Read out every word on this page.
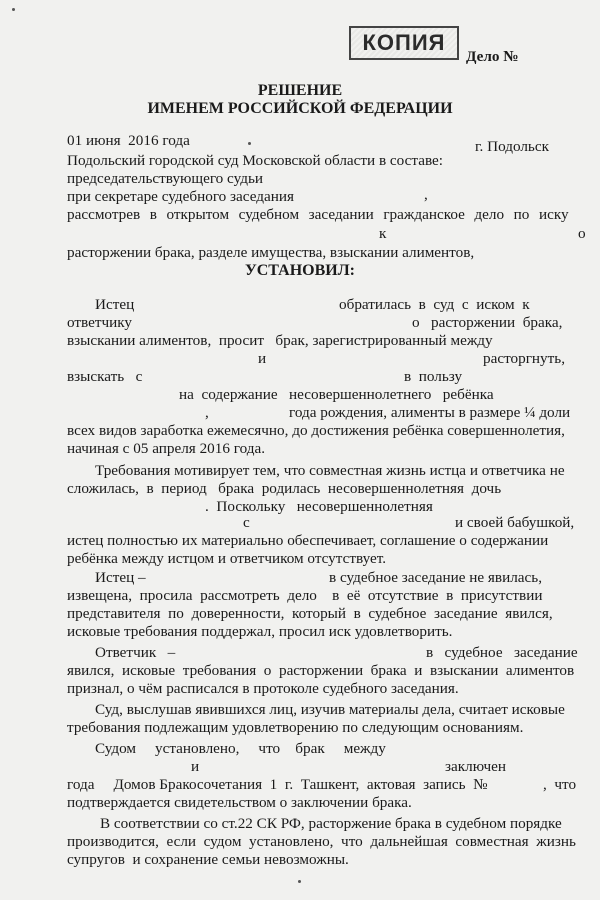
КОПИЯ
Дело №
РЕШЕНИЕ
ИМЕНЕМ РОССИЙСКОЙ ФЕДЕРАЦИИ
01 июня  2016 года	г. Подольск
Подольский городской суд Московской области в составе:
председательствующего судьи
при секретаре судебного заседания	,
рассмотрев  в  открытом  судебном  заседании  гражданское  дело  по  иску
к	о
расторжении брака, разделе имущества, взыскании алиментов,
УСТАНОВИЛ:
Истец	обратилась  в  суд  с  иском  к
ответчику	о   расторжении  брака,
взыскании алиментов,  просит   брак, зарегистрированный между
и	расторгнуть,
взыскать   с	в  пользу
на  содержание   несовершеннолетнего   ребёнка
,	года рождения, алименты в размере ¼ доли
всех видов заработка ежемесячно, до достижения ребёнка совершеннолетия,
начиная с 05 апреля 2016 года.
Требования мотивирует тем, что совместная жизнь истца и ответчика не
сложилась,  в  период   брака  родилась  несовершеннолетняя  дочь
.  Поскольку   несовершеннолетняя
с	и своей бабушкой,
истец полностью их материально обеспечивает, соглашение о содержании
ребёнка между истцом и ответчиком отсутствует.
Истец –	в судебное заседание не явилась,
извещена,  просила  рассмотреть  дело    в  её  отсутствие  в  присутствии
представителя  по  доверенности,  который  в  судебное  заседание  явился,
исковые требования поддержал, просил иск удовлетворить.
Ответчик   –	в   судебное   заседание
явился,  исковые  требования  о  расторжении  брака  и  взыскании  алиментов
признал, о чём расписался в протоколе судебного заседания.
Суд, выслушав явившихся лиц, изучив материалы дела, считает исковые
требования подлежащим удовлетворению по следующим основаниям.
Судом     установлено,     что    брак     между
и	заключен
года     Домов Бракосочетания  1  г.  Ташкент,  актовая  запись  №	,  что
подтверждается свидетельством о заключении брака.
В соответствии со ст.22 СК РФ, расторжение брака в судебном порядке
производится,  если  судом  установлено,  что  дальнейшая  совместная  жизнь
супругов  и сохранение семьи невозможны.
